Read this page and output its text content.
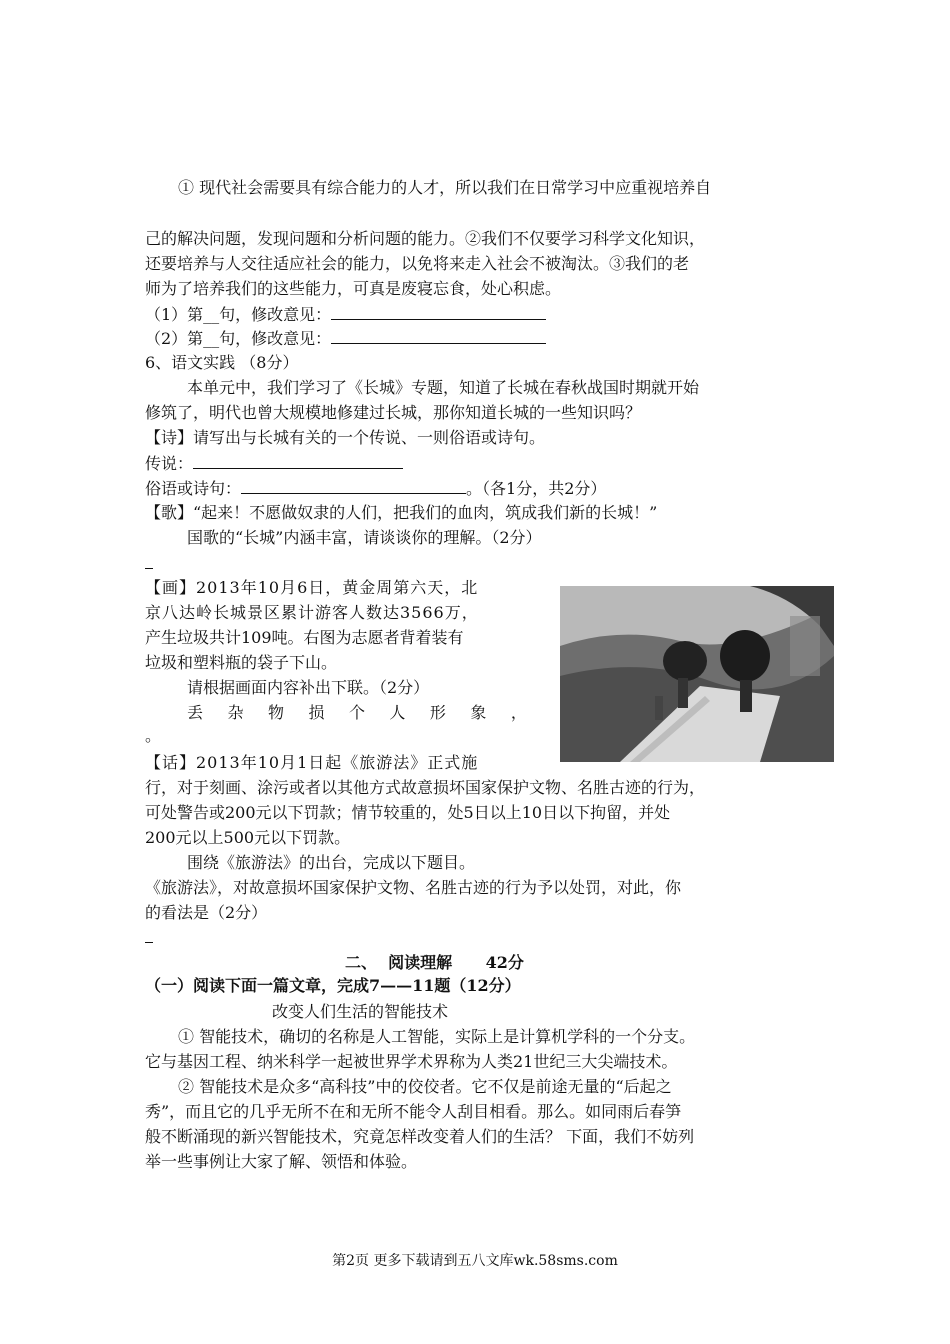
① 现代社会需要具有综合能力的人才，所以我们在日常学习中应重视培养自
己的解决问题，发现问题和分析问题的能力。②我们不仅要学习科学文化知识，
还要培养与人交往适应社会的能力，以免将来走入社会不被淘汰。③我们的老
师为了培养我们的这些能力，可真是废寝忘食，处心积虑。
（1）第__句，修改意见：
（2）第__句，修改意见：
6、语文实践 （8分）
本单元中，我们学习了《长城》专题，知道了长城在春秋战国时期就开始
修筑了，明代也曾大规模地修建过长城，那你知道长城的一些知识吗？
【诗】请写出与长城有关的一个传说、一则俗语或诗句。
传说：
俗语或诗句：	。（各1分，共2分）
【歌】“起来！不愿做奴隶的人们，把我们的血肉，筑成我们新的长城！”
国歌的“长城”内涵丰富，请谈谈你的理解。（2分）
【画】2013年10月6日，黄金周第六天，北
京八达岭长城景区累计游客人数达3566万，
产生垃圾共计109吨。右图为志愿者背着装有
垃圾和塑料瓶的袋子下山。
请根据画面内容补出下联。（2分）
丢 杂 物 损 个 人 形 象 ，
。
【话】2013年10月1日起《旅游法》正式施
行，对于刻画、涂污或者以其他方式故意损坏国家保护文物、名胜古迹的行为，
可处警告或200元以下罚款；情节较重的，处5日以上10日以下拘留，并处
200元以上500元以下罚款。
围绕《旅游法》的出台，完成以下题目。
《旅游法》，对故意损坏国家保护文物、名胜古迹的行为予以处罚，对此，你
的看法是（2分）
二、  阅读理解      42分
（一）阅读下面一篇文章，完成7——11题（12分）
改变人们生活的智能技术
① 智能技术，确切的名称是人工智能，实际上是计算机学科的一个分支。
它与基因工程、纳米科学一起被世界学术界称为人类21世纪三大尖端技术。
② 智能技术是众多“高科技”中的佼佼者。它不仅是前途无量的“后起之
秀”，而且它的几乎无所不在和无所不能令人刮目相看。那么。如同雨后春笋
般不断涌现的新兴智能技术，究竟怎样改变着人们的生活？ 下面，我们不妨列
举一些事例让大家了解、领悟和体验。
第2页 更多下载请到五八文库wk.58sms.com
